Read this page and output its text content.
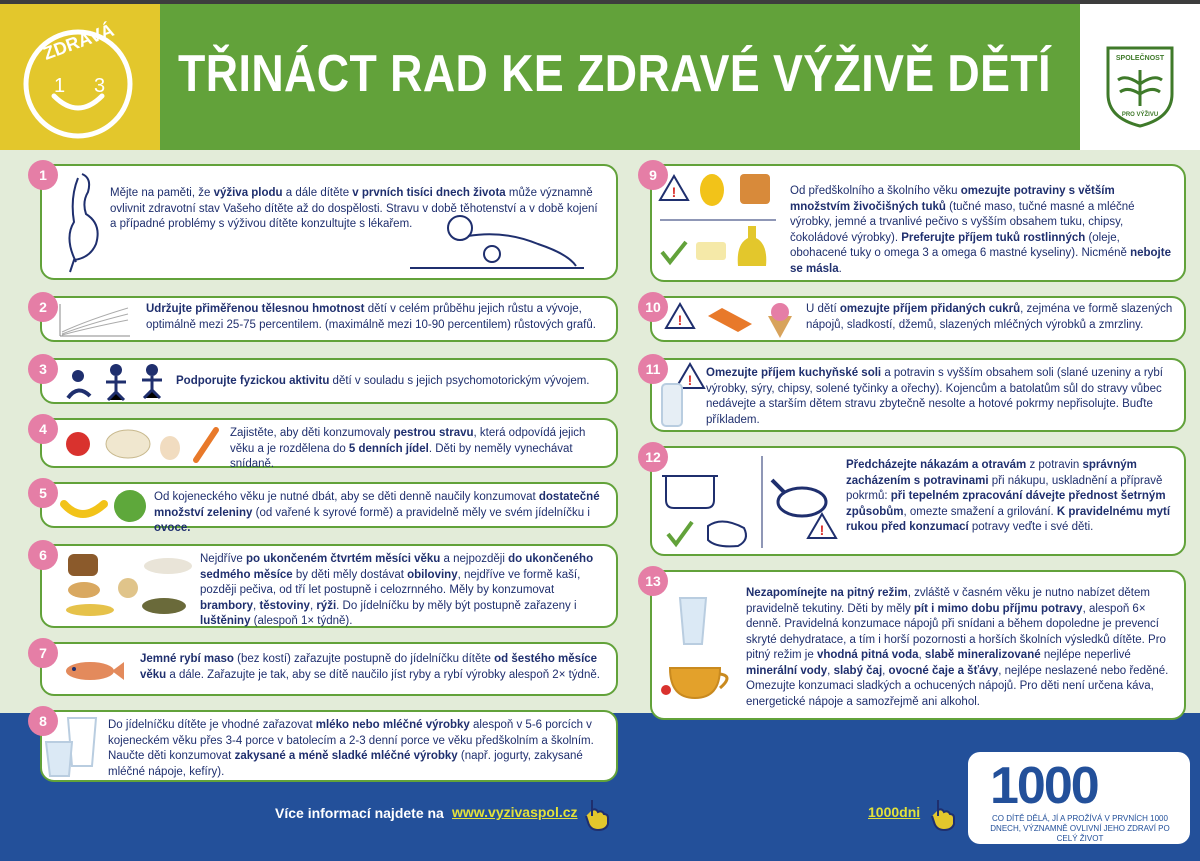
ZDRAVÁ
1 3 TŘINÁCT RAD KE ZDRAVÉ VÝŽIVĚ DĚTÍ	SPOLEČNOST
PRO VÝŽIVU
1
Mějte na paměti, že výživa plodu a dále dítěte v prvních tisíci dnech života může významně ovlivnit zdravotní stav Vašeho dítěte až do dospělosti. Stravu v době těhotenství a v době kojení a případné problémy s výživou dítěte konzultujte s lékařem.
2	Udržujte přiměřenou tělesnou hmotnost dětí v celém průběhu jejich růstu a vývoje, optimálně mezi 25-75 percentilem. (maximálně mezi 10-90 percentilem) růstových grafů.
3
Podporujte fyzickou aktivitu dětí v souladu s jejich psychomotorickým vývojem.
4	Zajistěte, aby děti konzumovaly pestrou stravu, která odpovídá jejich věku a je rozdělena do 5 denních jídel. Děti by neměly vynechávat snídaně.
5	Od kojeneckého věku je nutné dbát, aby se děti denně naučily konzumovat dostatečné množství zeleniny (od vařené k syrové formě) a pravidelně měly ve svém jídelníčku i ovoce.
6	Nejdříve po ukončeném čtvrtém měsíci věku a nejpozději do ukončeného sedmého měsíce by děti měly dostávat obiloviny, nejdříve ve formě kaší, později pečiva, od tří let postupně i celozrnného. Měly by konzumovat brambory, těstoviny, rýži. Do jídelníčku by měly být postupně zařazeny i luštěniny (alespoň 1× týdně).
7	Jemné rybí maso (bez kostí) zařazujte postupně do jídelníčku dítěte od šestého měsíce věku a dále. Zařazujte je tak, aby se dítě naučilo jíst ryby a rybí výrobky alespoň 2× týdně.
8	Do jídelníčku dítěte je vhodné zařazovat mléko nebo mléčné výrobky alespoň v 5-6 porcích v kojeneckém věku přes 3-4 porce v batolecím a 2-3 denní porce ve věku předškolním a školním. Naučte děti konzumovat zakysané a méně sladké mléčné výrobky (např. jogurty, zakysané mléčné nápoje, kefíry).
9
!	Od předškolního a školního věku omezujte potraviny s větším množstvím živočišných tuků (tučné maso, tučné masné a mléčné výrobky, jemné a trvanlivé pečivo s vyšším obsahem tuku, chipsy, čokoládové výrobky). Preferujte příjem tuků rostlinných (oleje, obohacené tuky o omega 3 a omega 6 mastné kyseliny). Nicméně nebojte se másla.
10
!
U dětí omezujte příjem přidaných cukrů, zejména ve formě slazených nápojů, sladkostí, džemů, slazených mléčných výrobků a zmrzliny.
11
! Omezujte příjem kuchyňské soli a potravin s vyšším obsahem soli (slané uzeniny a rybí výrobky, sýry, chipsy, solené tyčinky a ořechy). Kojencům a batolatům sůl do stravy vůbec nedávejte a starším dětem stravu zbytečně nesolte a hotové pokrmy nepřisolujte. Buďte příkladem.
12
!
Předcházejte nákazám a otravám z potravin správným zacházením s potravinami při nákupu, uskladnění a přípravě pokrmů: při tepelném zpracování dávejte přednost šetrným způsobům, omezte smažení a grilování. K pravidelnému mytí rukou před konzumací potravy veďte i své děti.
13
Nezapomínejte na pitný režim, zvláště v časném věku je nutno nabízet dětem pravidelně tekutiny. Děti by měly pít i mimo dobu příjmu potravy, alespoň 6× denně. Pravidelná konzumace nápojů při snídani a během dopoledne je prevencí skryté dehydratace, a tím i horší pozornosti a horších školních výsledků dítěte. Pro pitný režim je vhodná pitná voda, slabě mineralizované nejlépe neperlivé minerální vody, slabý čaj, ovocné čaje a šťávy, nejlépe neslazené nebo ředěné. Omezujte konzumaci sladkých a ochucených nápojů. Pro děti není určena káva, energetické nápoje a samozřejmě ani alkohol.
Více informací najdete na www.vyzivaspol.cz	1000dni 1000
CO DÍTĚ DĚLÁ, JÍ A PROŽÍVÁ V PRVNÍCH 1000 DNECH, VÝZNAMNĚ OVLIVNÍ JEHO ZDRAVÍ PO CELÝ ŽIVOT
